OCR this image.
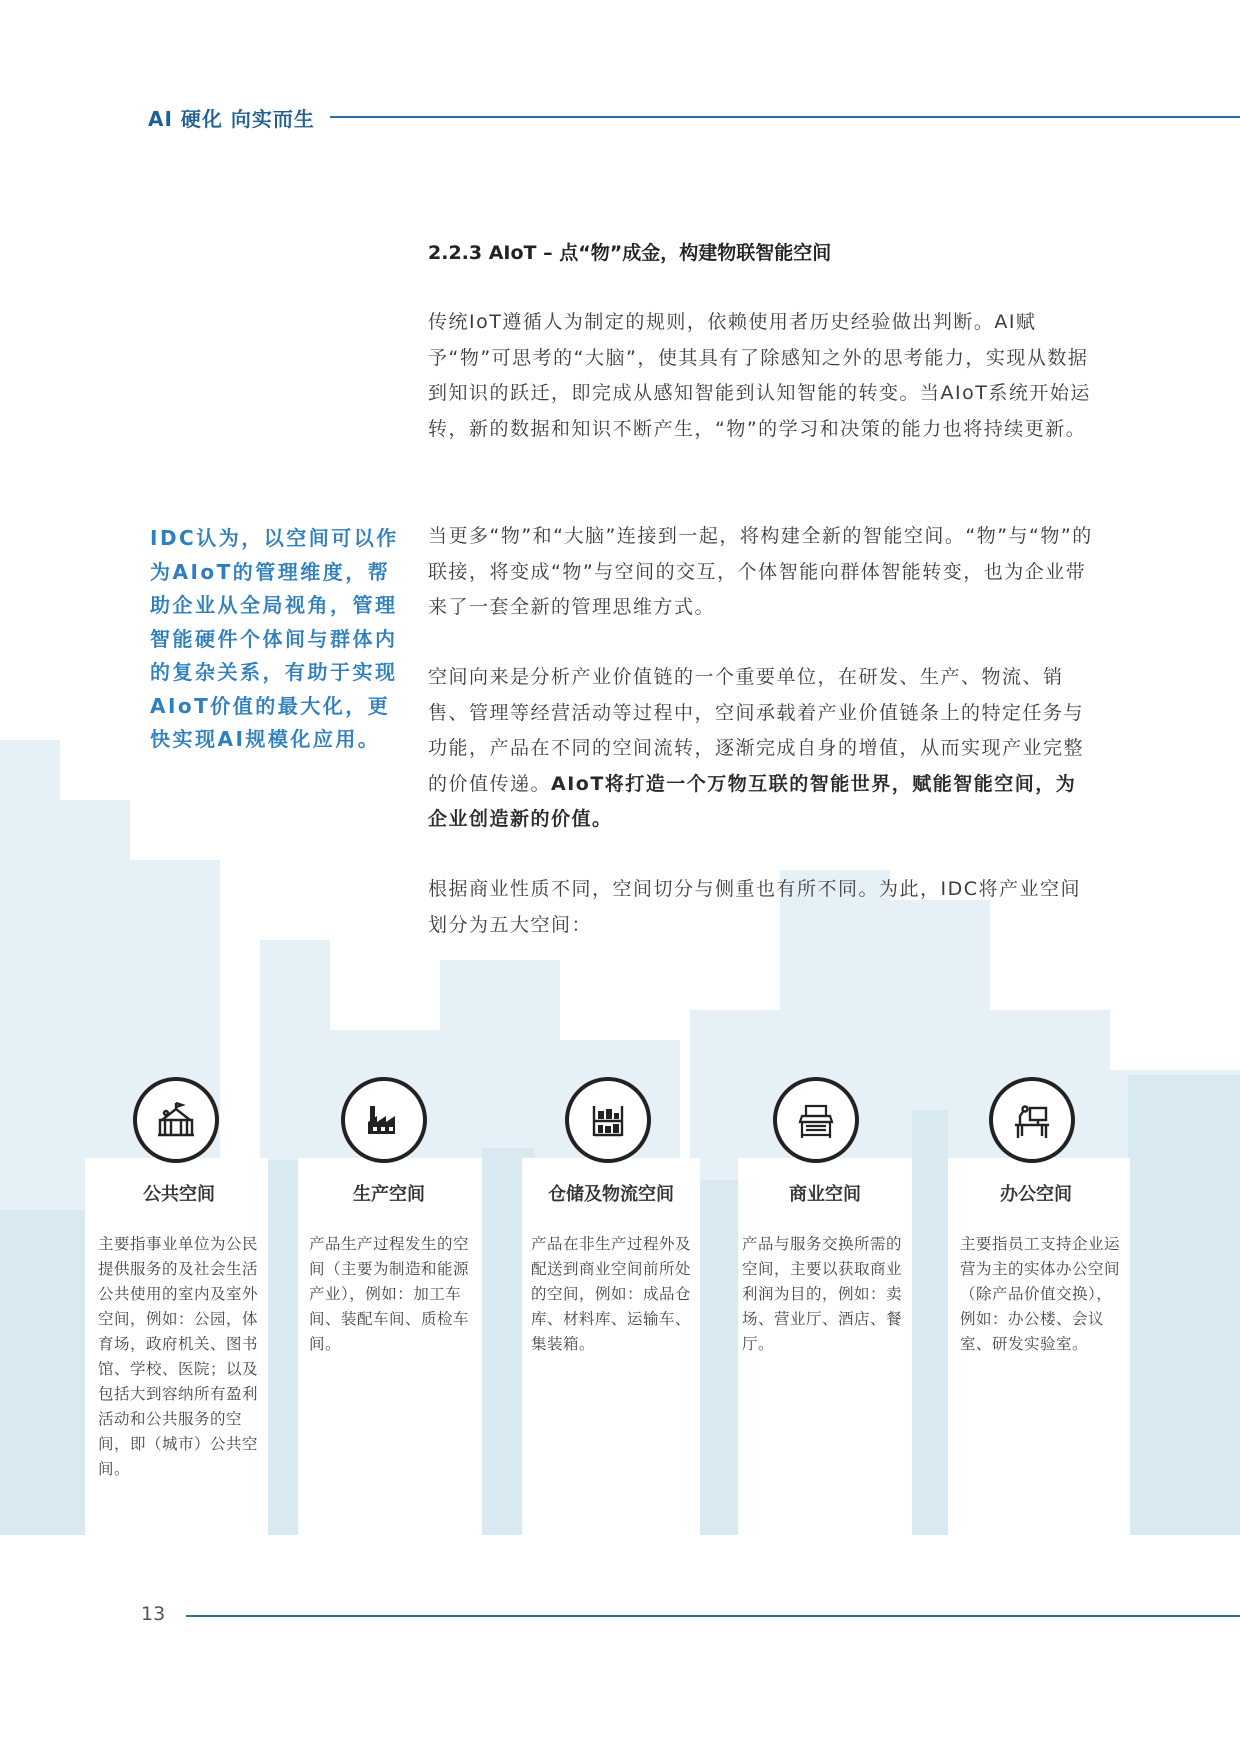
AI 硬化 向实而生
2.2.3 AIoT – 点“物”成金，构建物联智能空间

传统IoT遵循人为制定的规则，依赖使用者历史经验做出判断。AI赋予“物”可思考的“大脑”，使其具有了除感知之外的思考能力，实现从数据到知识的跃迁，即完成从感知智能到认知智能的转变。当AIoT系统开始运转，新的数据和知识不断产生，“物”的学习和决策的能力也将持续更新。

当更多“物”和“大脑”连接到一起，将构建全新的智能空间。“物”与“物”的联接，将变成“物”与空间的交互，个体智能向群体智能转变，也为企业带来了一套全新的管理思维方式。

空间向来是分析产业价值链的一个重要单位，在研发、生产、物流、销售、管理等经营活动等过程中，空间承载着产业价值链条上的特定任务与功能，产品在不同的空间流转，逐渐完成自身的增值，从而实现产业完整的价值传递。AIoT将打造一个万物互联的智能世界，赋能智能空间，为企业创造新的价值。

根据商业性质不同，空间切分与侧重也有所不同。为此，IDC将产业空间划分为五大空间：

IDC认为，以空间可以作为AIoT的管理维度，帮助企业从全局视角，管理智能硬件个体间与群体内的复杂关系，有助于实现AIoT价值的最大化，更快实现AI规模化应用。

公共空间

主要指事业单位为公民提供服务的及社会生活公共使用的室内及室外空间，例如：公园，体育场，政府机关、图书馆、学校、医院；以及包括大到容纳所有盈利活动和公共服务的空间，即（城市）公共空间。

生产空间

产品生产过程发生的空间（主要为制造和能源产业），例如：加工车间、装配车间、质检车间。

仓储及物流空间

产品在非生产过程外及配送到商业空间前所处的空间，例如：成品仓库、材料库、运输车、集装箱。

商业空间

产品与服务交换所需的空间，主要以获取商业利润为目的，例如：卖场、营业厅、酒店、餐厅。

办公空间

主要指员工支持企业运营为主的实体办公空间（除产品价值交换），例如：办公楼、会议室、研发实验室。

13
